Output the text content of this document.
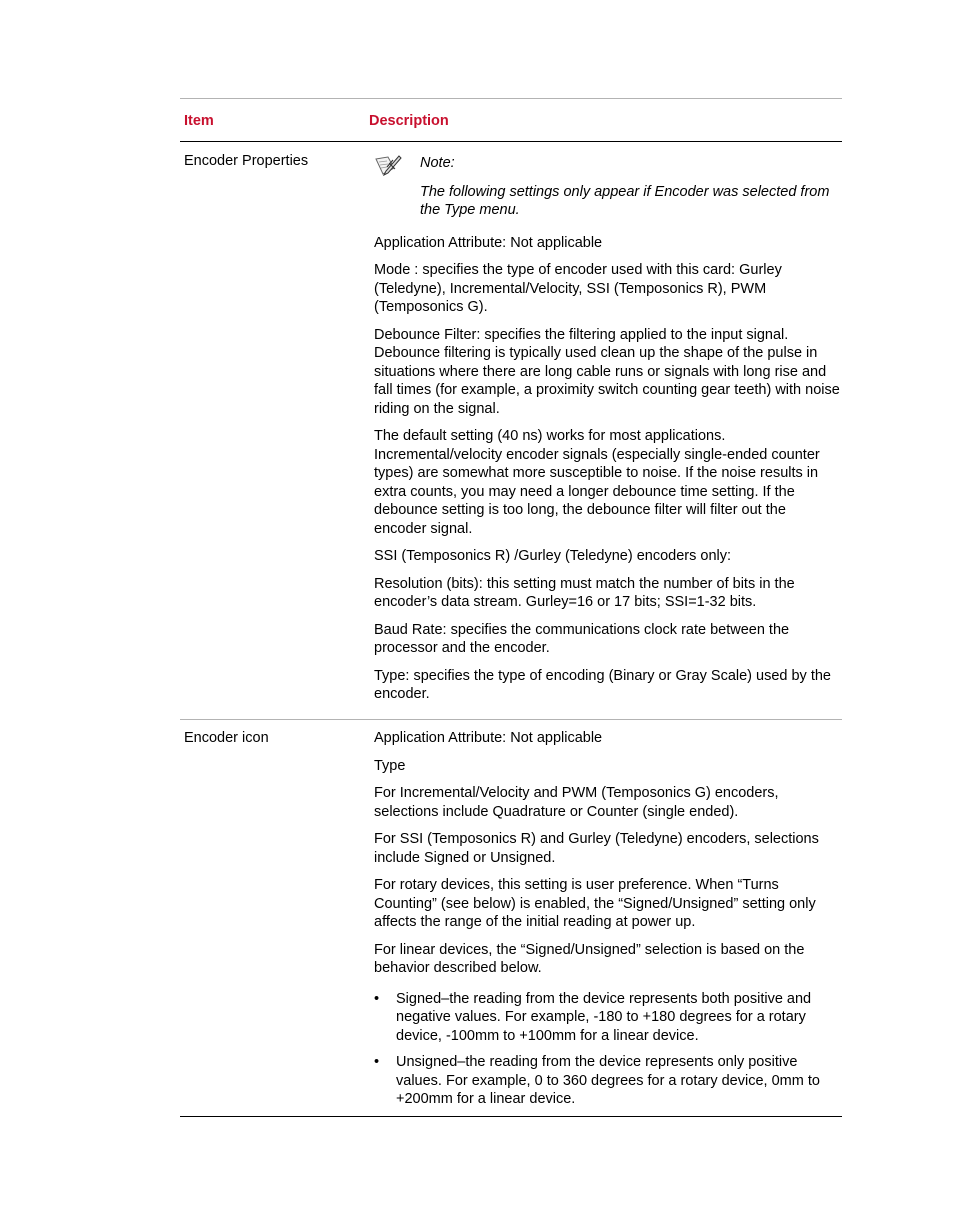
Item	Description
Encoder Properties	Note:

The following settings only appear if Encoder was selected from the Type menu.

Application Attribute: Not applicable

Mode : specifies the type of encoder used with this card: Gurley (Teledyne), Incremental/Velocity, SSI (Temposonics R), PWM (Temposonics G).

Debounce Filter: specifies the filtering applied to the input signal. Debounce filtering is typically used clean up the shape of the pulse in situations where there are long cable runs or signals with long rise and fall times (for example, a proximity switch counting gear teeth) with noise riding on the signal.

The default setting (40 ns) works for most applications. Incremental/velocity encoder signals (especially single-ended counter types) are somewhat more susceptible to noise. If the noise results in extra counts, you may need a longer debounce time setting. If the debounce setting is too long, the debounce filter will filter out the encoder signal.

SSI (Temposonics R) /Gurley (Teledyne) encoders only:

Resolution (bits): this setting must match the number of bits in the encoder’s data stream. Gurley=16 or 17 bits; SSI=1-32 bits.

Baud Rate: specifies the communications clock rate between the processor and the encoder.

Type: specifies the type of encoding (Binary or Gray Scale) used by the encoder.

Encoder icon	Application Attribute: Not applicable

Type

For Incremental/Velocity and PWM (Temposonics G) encoders, selections include Quadrature or Counter (single ended).

For SSI (Temposonics R) and Gurley (Teledyne) encoders, selections include Signed or Unsigned.

For rotary devices, this setting is user preference. When “Turns Counting” (see below) is enabled, the “Signed/Unsigned” setting only affects the range of the initial reading at power up.

For linear devices, the “Signed/Unsigned” selection is based on the behavior described below.

•	Signed–the reading from the device represents both positive and negative values. For example, -180 to +180 degrees for a rotary device, -100mm to +100mm for a linear device.
•	Unsigned–the reading from the device represents only positive values. For example, 0 to 360 degrees for a rotary device, 0mm to +200mm for a linear device.
